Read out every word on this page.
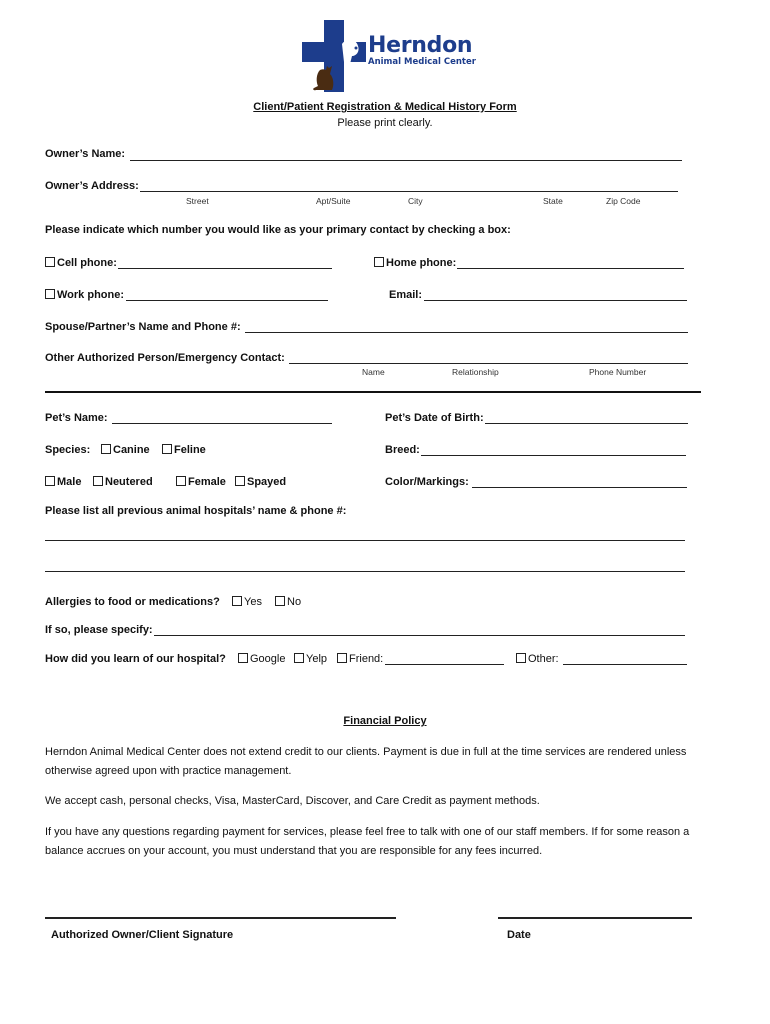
Herndon
Animal Medical Center
Client/Patient Registration & Medical History Form
Please print clearly.
Owner’s Name:
Owner’s Address:
Street	Apt/Suite	City	State	Zip Code
Please indicate which number you would like as your primary contact by checking a box:
Cell phone:	Home phone:
Work phone:	Email:
Spouse/Partner’s Name and Phone #:
Other Authorized Person/Emergency Contact:
Name	Relationship	Phone Number
Pet’s Name:	Pet’s Date of Birth:
Species:	Canine	Feline	Breed:
Male	Neutered	Female	Spayed	Color/Markings:
Please list all previous animal hospitals’ name & phone #:
Allergies to food or medications?	Yes	No
If so, please specify:
How did you learn of our hospital?	Google	Yelp	Friend:	Other:
Financial Policy
Herndon Animal Medical Center does not extend credit to our clients. Payment is due in full at the time services are rendered unless otherwise agreed upon with practice management.
We accept cash, personal checks, Visa, MasterCard, Discover, and Care Credit as payment methods.
If you have any questions regarding payment for services, please feel free to talk with one of our staff members. If for some reason a balance accrues on your account, you must understand that you are responsible for any fees incurred.
Authorized Owner/Client Signature	Date
